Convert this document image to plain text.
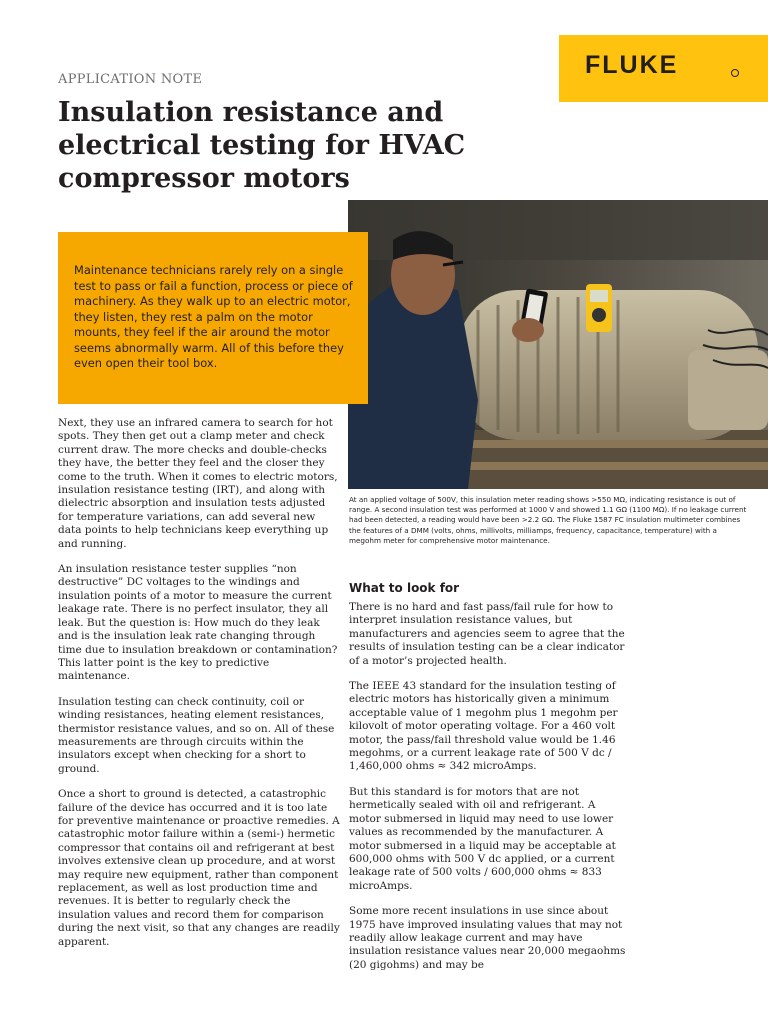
APPLICATION NOTE
Insulation resistance and electrical testing for HVAC compressor motors
FLUKE

Maintenance technicians rarely rely on a single test to pass or fail a function, process or piece of machinery. As they walk up to an electric motor, they listen, they rest a palm on the motor mounts, they feel if the air around the motor seems abnormally warm. All of this before they even open their tool box.

At an applied voltage of 500V, this insulation meter reading shows >550 MΩ, indicating resistance is out of range. A second insulation test was performed at 1000 V and showed 1.1 GΩ (1100 MΩ). If no leakage current had been detected, a reading would have been >2.2 GΩ. The Fluke 1587 FC insulation multimeter combines the features of a DMM (volts, ohms, millivolts, milliamps, frequency, capacitance, temperature) with a megohm meter for comprehensive motor maintenance.

Next, they use an infrared camera to search for hot spots. They then get out a clamp meter and check current draw. The more checks and double-checks they have, the better they feel and the closer they come to the truth. When it comes to electric motors, insulation resistance testing (IRT), and along with dielectric absorption and insulation tests adjusted for temperature variations, can add several new data points to help technicians keep everything up and running.

An insulation resistance tester supplies “non destructive” DC voltages to the windings and insulation points of a motor to measure the current leakage rate. There is no perfect insulator, they all leak. But the question is: How much do they leak and is the insulation leak rate changing through time due to insulation breakdown or contamination? This latter point is the key to predictive maintenance.

Insulation testing can check continuity, coil or winding resistances, heating element resistances, thermistor resistance values, and so on. All of these measurements are through circuits within the insulators except when checking for a short to ground.

Once a short to ground is detected, a catastrophic failure of the device has occurred and it is too late for preventive maintenance or proactive remedies. A catastrophic motor failure within a (semi-) hermetic compressor that contains oil and refrigerant at best involves extensive clean up procedure, and at worst may require new equipment, rather than component replacement, as well as lost production time and revenues. It is better to regularly check the insulation values and record them for comparison during the next visit, so that any changes are readily apparent.

What to look for

There is no hard and fast pass/fail rule for how to interpret insulation resistance values, but manufacturers and agencies seem to agree that the results of insulation testing can be a clear indicator of a motor’s projected health.

The IEEE 43 standard for the insulation testing of electric motors has historically given a minimum acceptable value of 1 megohm plus 1 megohm per kilovolt of motor operating voltage. For a 460 volt motor, the pass/fail threshold value would be 1.46 megohms, or a current leakage rate of 500 V dc / 1,460,000 ohms ≈ 342 microAmps.

But this standard is for motors that are not hermetically sealed with oil and refrigerant. A motor submersed in liquid may need to use lower values as recommended by the manufacturer. A motor submersed in a liquid may be acceptable at 600,000 ohms with 500 V dc applied, or a current leakage rate of 500 volts / 600,000 ohms ≈ 833 microAmps.

Some more recent insulations in use since about 1975 have improved insulating values that may not readily allow leakage current and may have insulation resistance values near 20,000 megaohms (20 gigohms) and may be
